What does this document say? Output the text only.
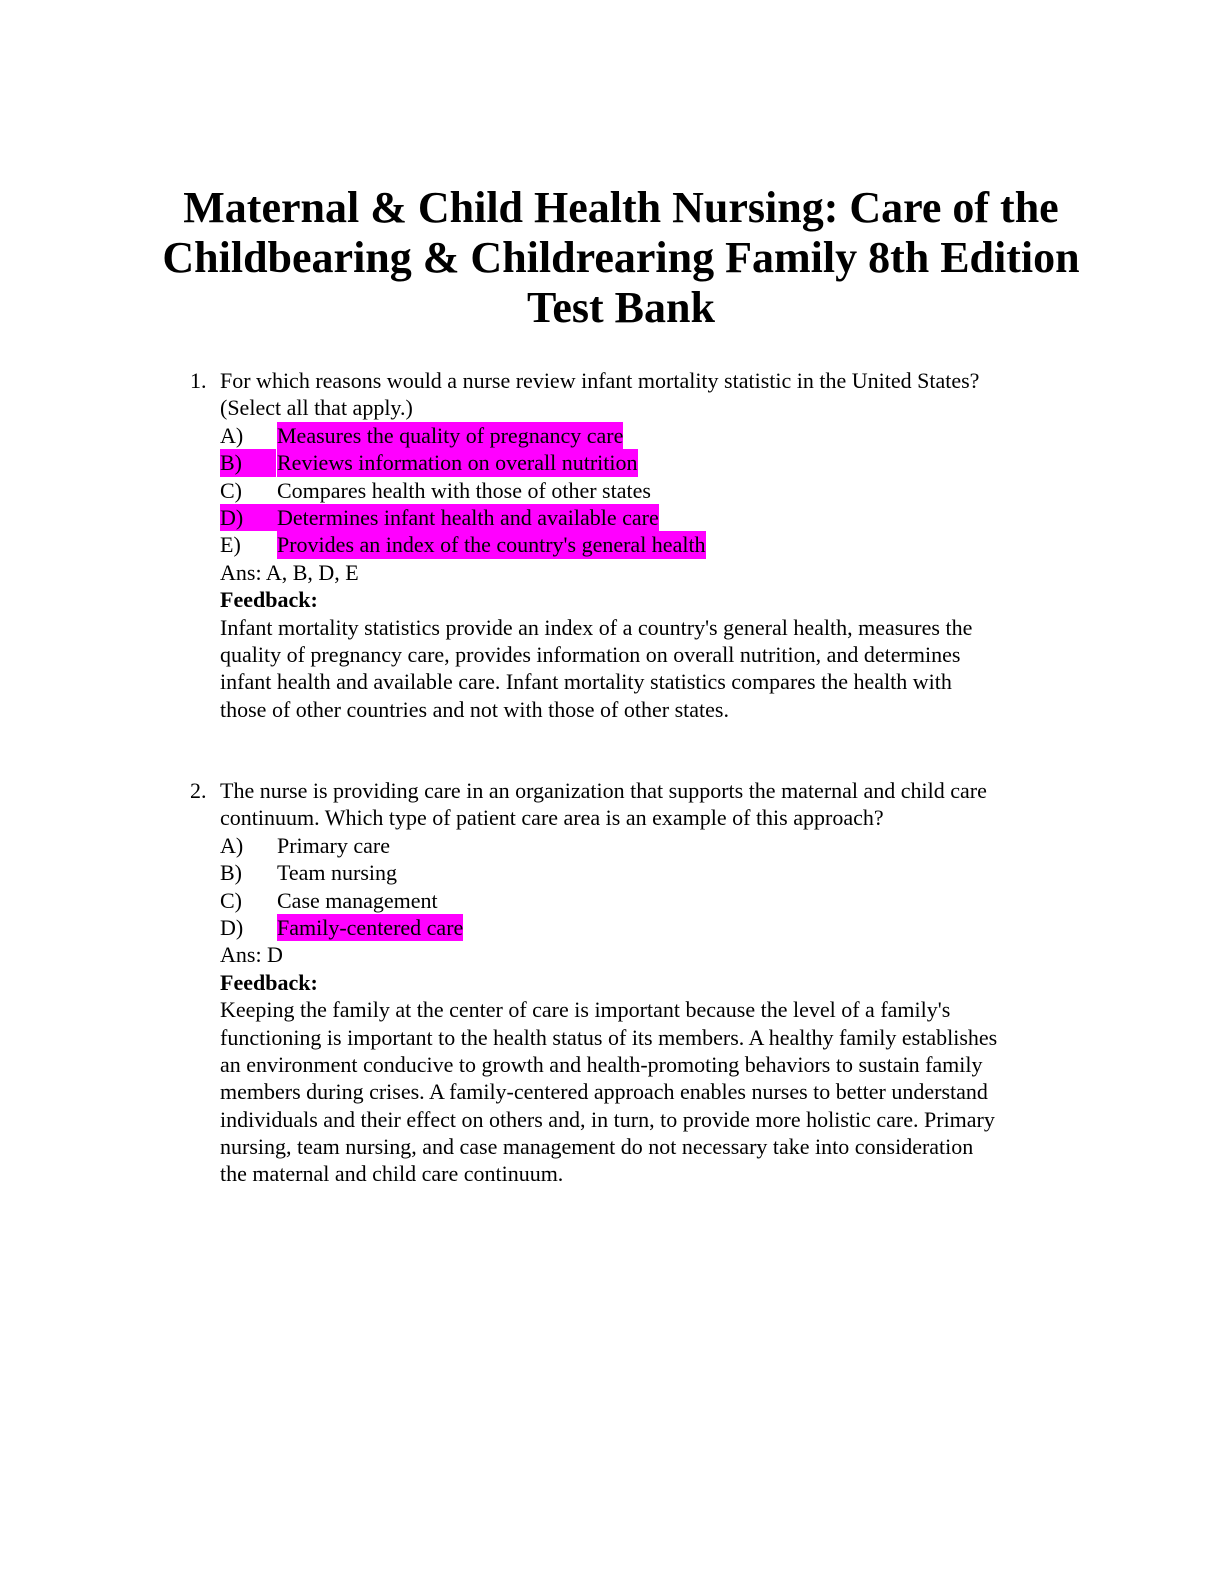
Maternal & Child Health Nursing: Care of the
Childbearing & Childrearing Family 8th Edition
Test Bank
1. For which reasons would a nurse review infant mortality statistic in the United States?
(Select all that apply.)
A) Measures the quality of pregnancy care
B)	Reviews information on overall nutrition
C) Compares health with those of other states
D)	Determines infant health and available care
E) Provides an index of the country's general health
Ans: A, B, D, E
Feedback:
Infant mortality statistics provide an index of a country's general health, measures the
quality of pregnancy care, provides information on overall nutrition, and determines
infant health and available care. Infant mortality statistics compares the health with
those of other countries and not with those of other states.
2. The nurse is providing care in an organization that supports the maternal and child care
continuum. Which type of patient care area is an example of this approach?
A) Primary care
B) Team nursing
C) Case management
D) Family-centered care
Ans: D
Feedback:
Keeping the family at the center of care is important because the level of a family's
functioning is important to the health status of its members. A healthy family establishes
an environment conducive to growth and health-promoting behaviors to sustain family
members during crises. A family-centered approach enables nurses to better understand
individuals and their effect on others and, in turn, to provide more holistic care. Primary
nursing, team nursing, and case management do not necessary take into consideration
the maternal and child care continuum.
